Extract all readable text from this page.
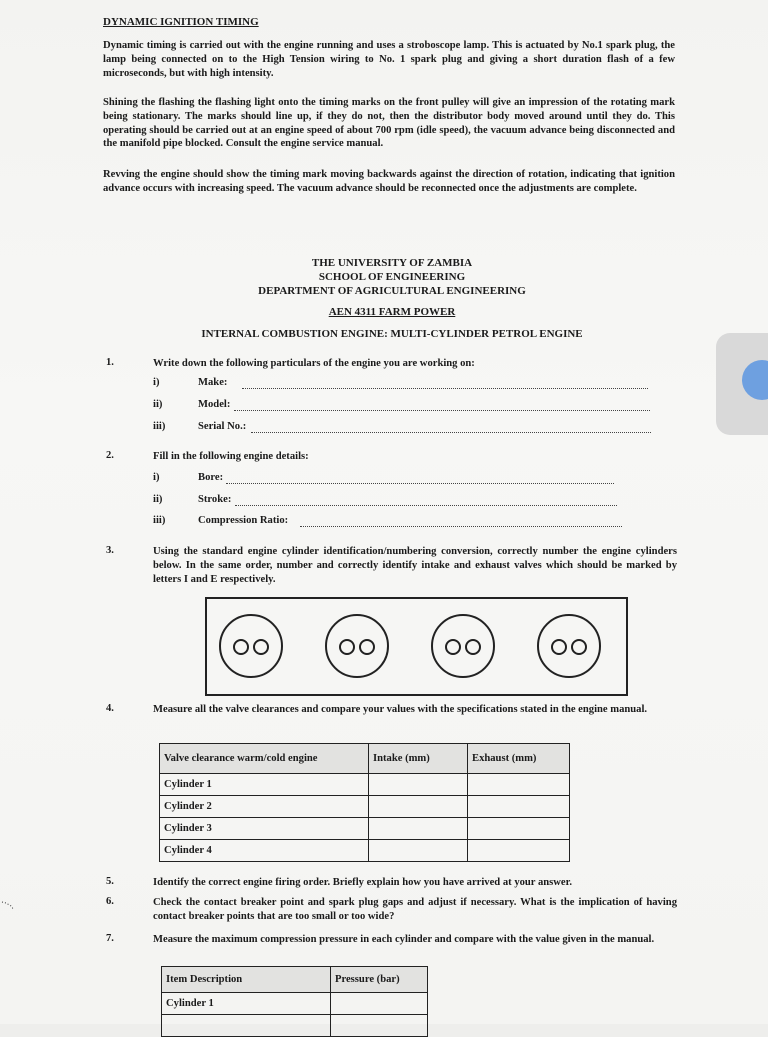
DYNAMIC IGNITION TIMING

Dynamic timing is carried out with the engine running and uses a stroboscope lamp. This is actuated by No.1 spark plug, the lamp being connected on to the High Tension wiring to No. 1 spark plug and giving a short duration flash of a few microseconds, but with high intensity.

Shining the flashing the flashing light onto the timing marks on the front pulley will give an impression of the rotating mark being stationary. The marks should line up, if they do not, then the distributor body moved around until they do. This operating should be carried out at an engine speed of about 700 rpm (idle speed), the vacuum advance being disconnected and the manifold pipe blocked. Consult the engine service manual.

Revving the engine should show the timing mark moving backwards against the direction of rotation, indicating that ignition advance occurs with increasing speed. The vacuum advance should be reconnected once the adjustments are complete.

THE UNIVERSITY OF ZAMBIA

SCHOOL OF ENGINEERING

DEPARTMENT OF AGRICULTURAL ENGINEERING

AEN 4311 FARM POWER

INTERNAL COMBUSTION ENGINE: MULTI-CYLINDER PETROL ENGINE

1.	Write down the following particulars of the engine you are working on:
i)	Make:
ii)	Model:
iii)	Serial No.:
2.	Fill in the following engine details:
i)	Bore:
ii)	Stroke:
iii)	Compression Ratio:
3.	Using the standard engine cylinder identification/numbering conversion, correctly number the engine cylinders below. In the same order, number and correctly identify intake and exhaust valves which should be marked by letters I and E respectively.
4.	Measure all the valve clearances and compare your values with the specifications stated in the engine manual.
Valve clearance warm/cold engine	Intake (mm)	Exhaust (mm)
Cylinder 1		
Cylinder 2		
Cylinder 3		
Cylinder 4		
5.	Identify the correct engine firing order. Briefly explain how you have arrived at your answer.
6.	Check the contact breaker point and spark plug gaps and adjust if necessary. What is the implication of having contact breaker points that are too small or too wide?
7.	Measure the maximum compression pressure in each cylinder and compare with the value given in the manual.
Item Description	Pressure (bar)
Cylinder 1	
